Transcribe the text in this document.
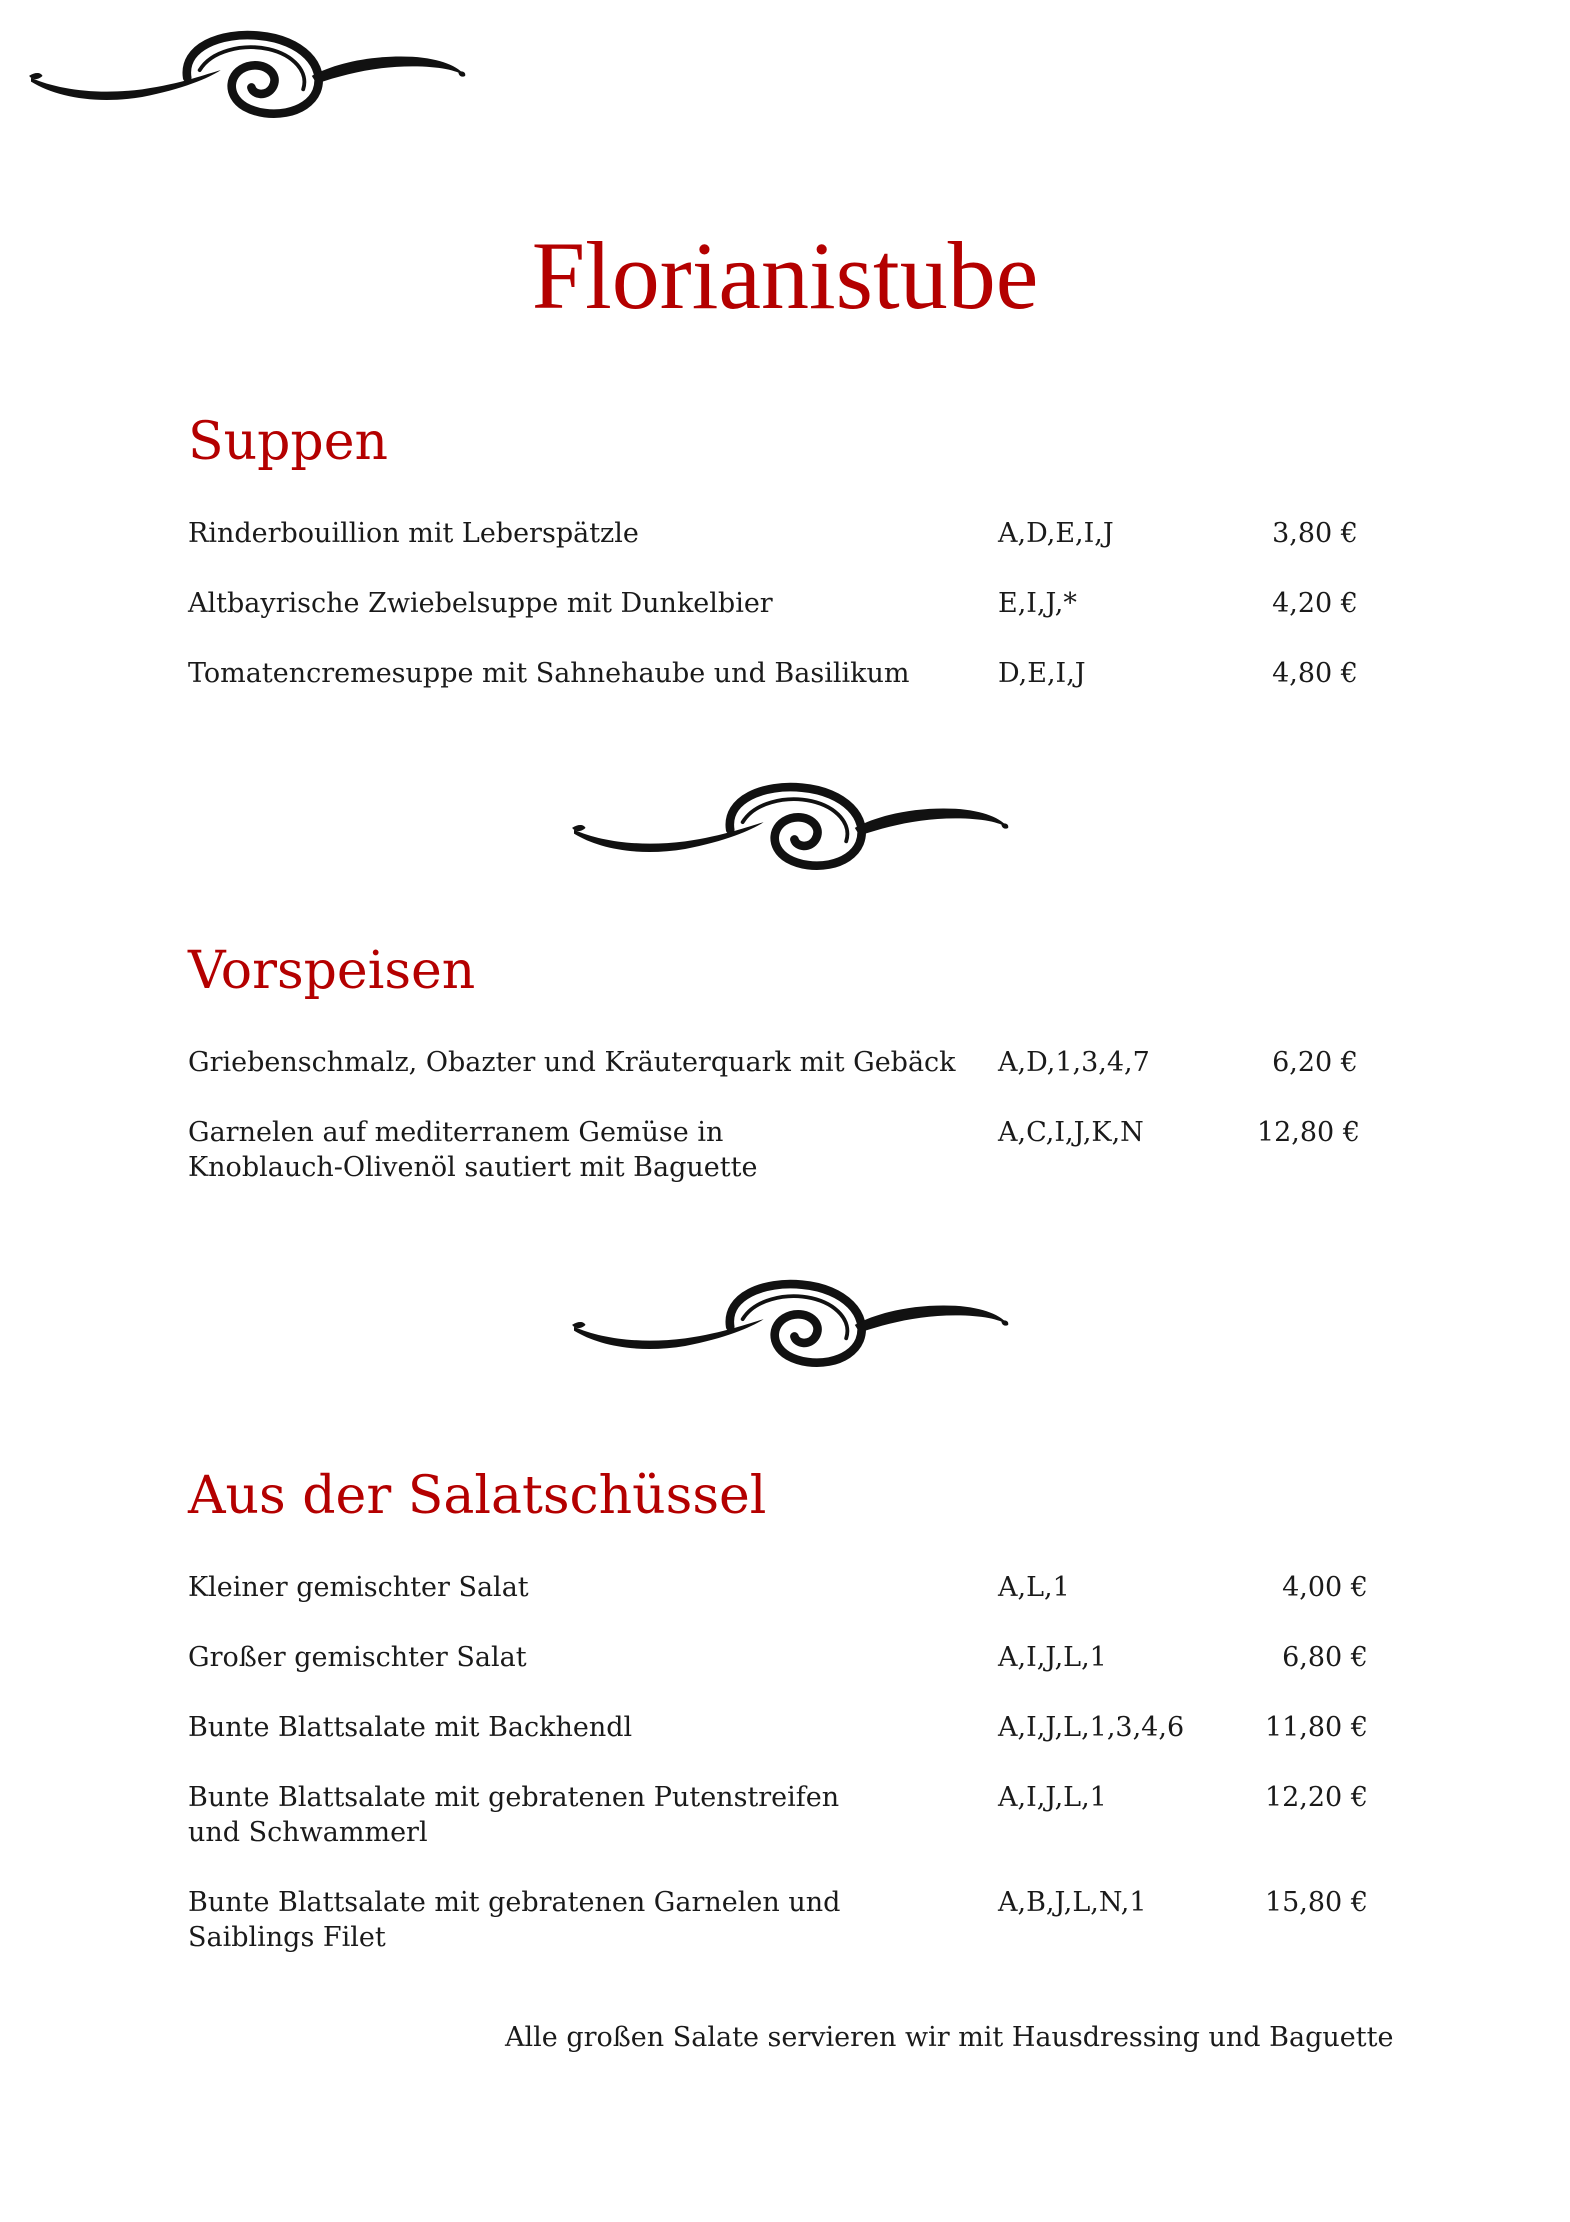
Florianistube
Suppen
Rinderbouillion mit Leberspätzle	A,D,E,I,J	3,80 €
Altbayrische Zwiebelsuppe mit Dunkelbier	E,I,J,*	4,20 €
Tomatencremesuppe mit Sahnehaube und Basilikum	D,E,I,J	4,80 €
Vorspeisen
Griebenschmalz, Obazter und Kräuterquark mit Gebäck	A,D,1,3,4,7	6,20 €
Garnelen auf mediterranem Gemüse in
Knoblauch-Olivenöl sautiert mit Baguette
A,C,I,J,K,N	12,80 €
Aus der Salatschüssel
Kleiner gemischter Salat	A,L,1	4,00 €
Großer gemischter Salat	A,I,J,L,1	6,80 €
Bunte Blattsalate mit Backhendl	A,I,J,L,1,3,4,6	11,80 €
Bunte Blattsalate mit gebratenen Putenstreifen
und Schwammerl
A,I,J,L,1	12,20 €
Bunte Blattsalate mit gebratenen Garnelen und
Saiblings Filet
A,B,J,L,N,1	15,80 €
Alle großen Salate servieren wir mit Hausdressing und Baguette
